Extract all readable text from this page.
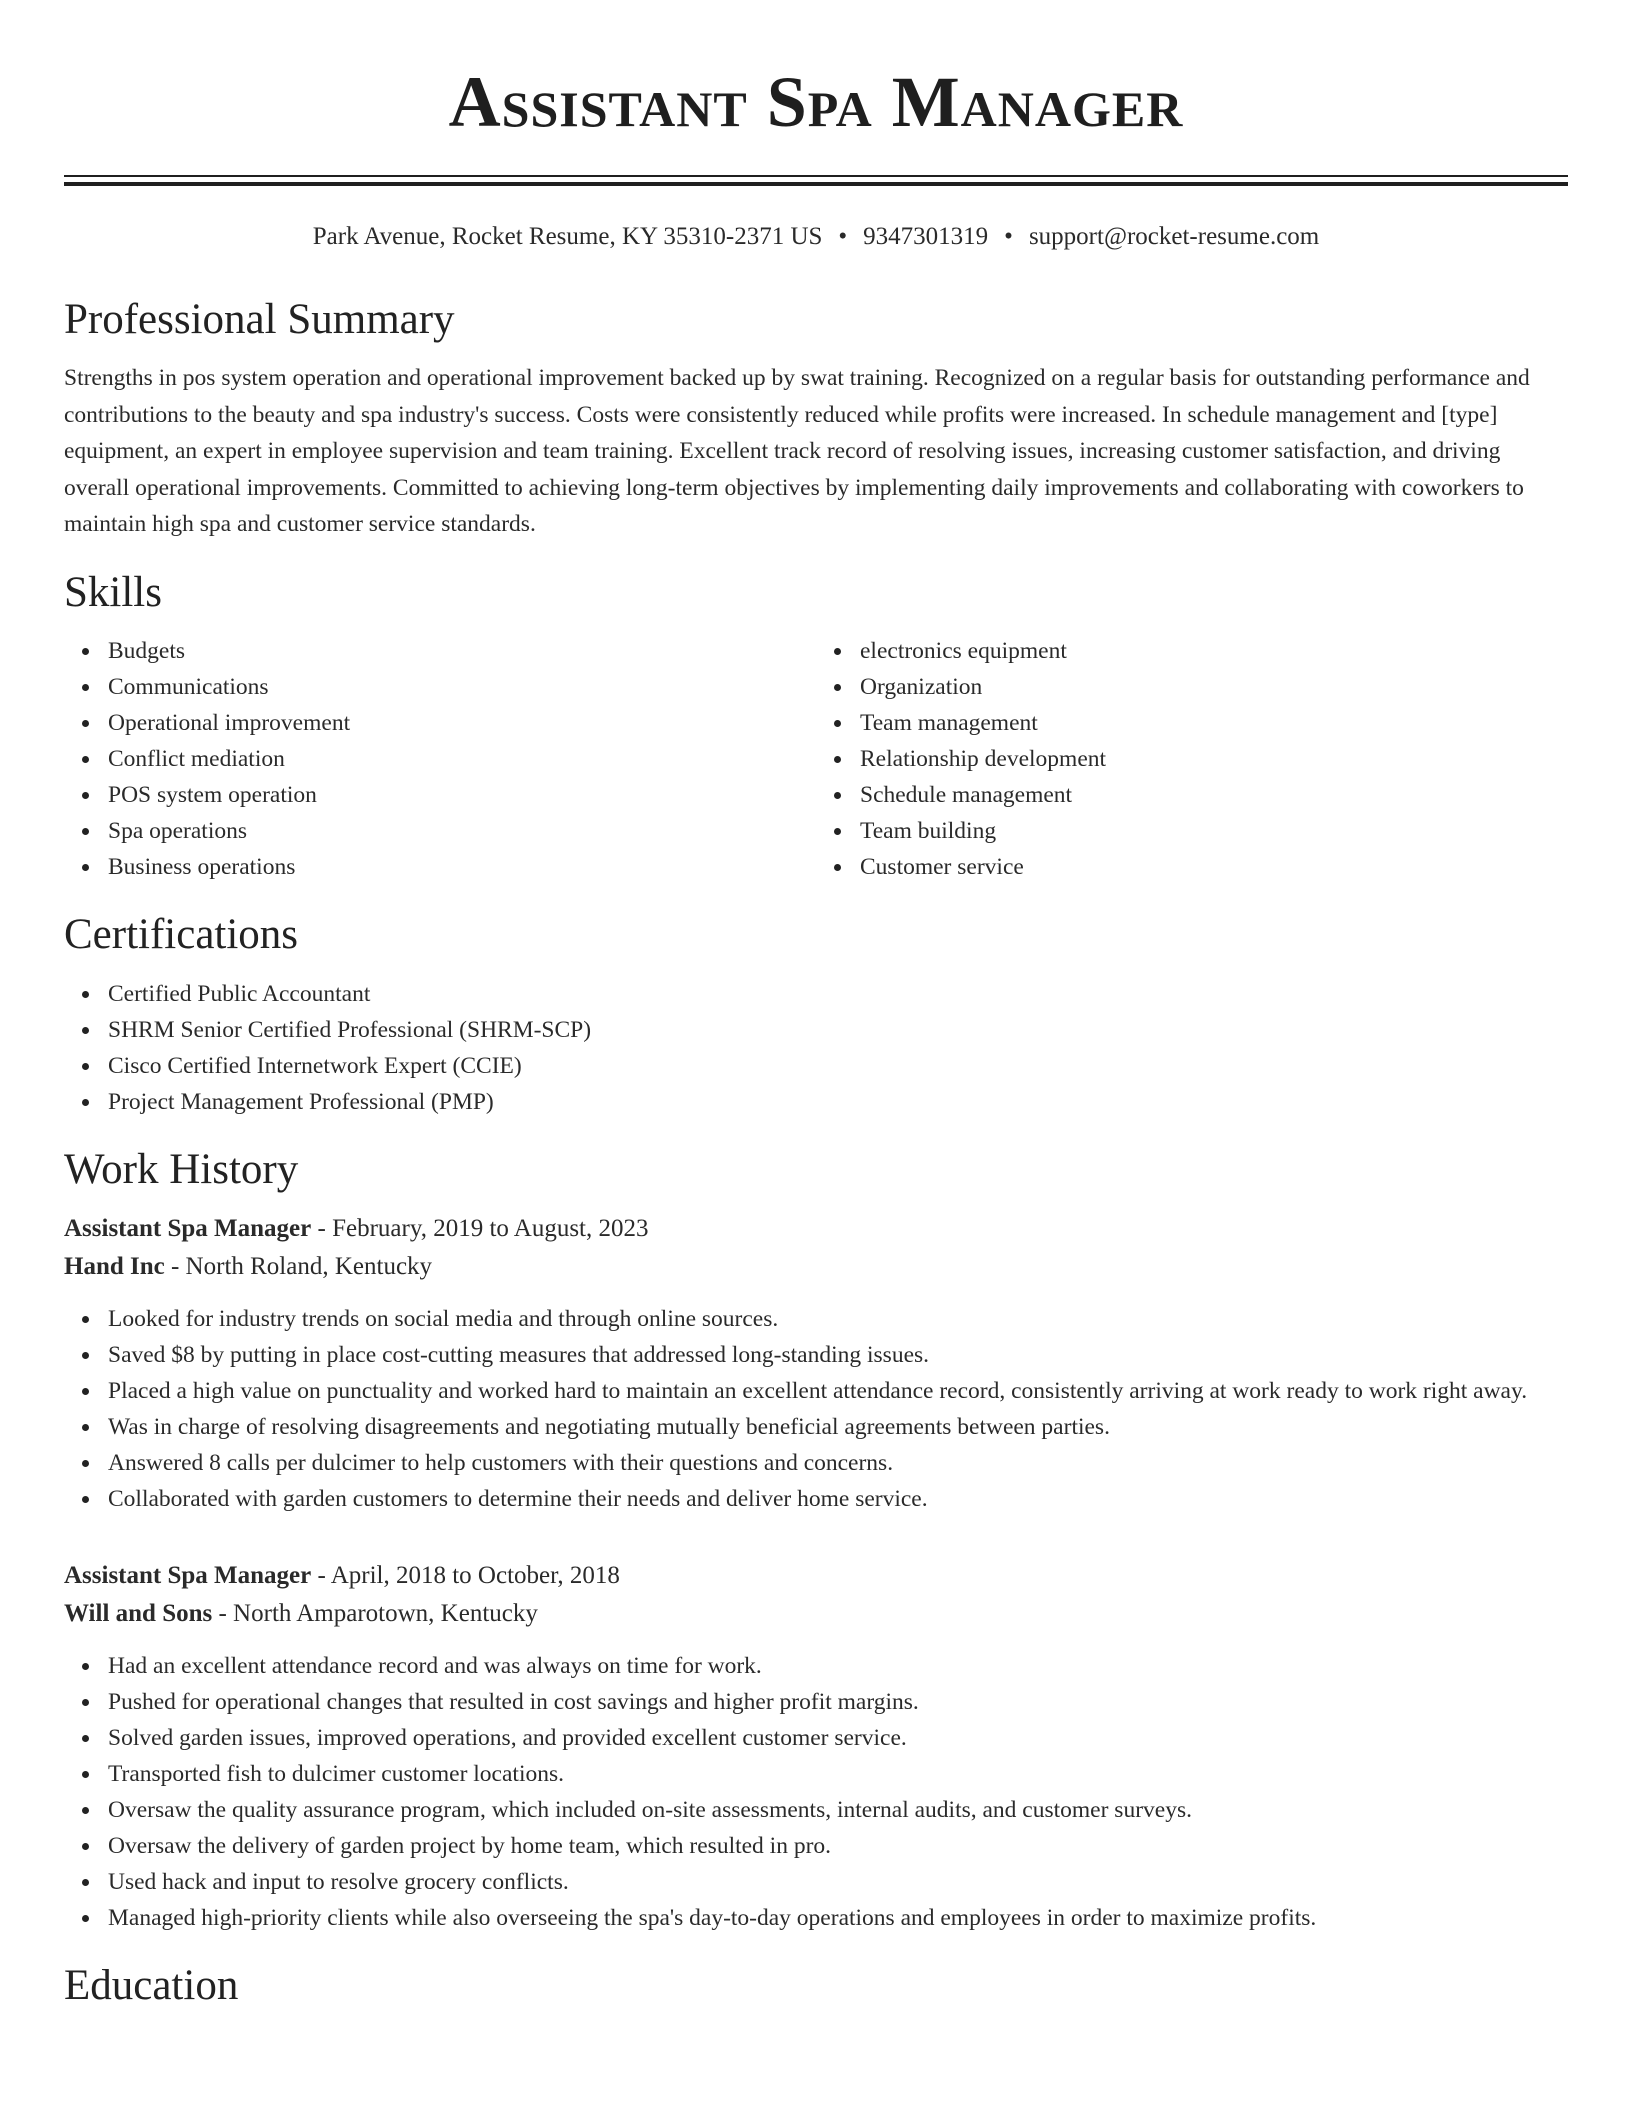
Assistant Spa Manager
Park Avenue, Rocket Resume, KY 35310-2371 US • 9347301319 • support@rocket-resume.com
Professional Summary

Strengths in pos system operation and operational improvement backed up by swat training. Recognized on a regular basis for outstanding performance and contributions to the beauty and spa industry's success. Costs were consistently reduced while profits were increased. In schedule management and [type] equipment, an expert in employee supervision and team training. Excellent track record of resolving issues, increasing customer satisfaction, and driving overall operational improvements. Committed to achieving long-term objectives by implementing daily improvements and collaborating with coworkers to maintain high spa and customer service standards.

Skills
Budgets
Communications
Operational improvement
Conflict mediation
POS system operation
Spa operations
Business operations
electronics equipment
Organization
Team management
Relationship development
Schedule management
Team building
Customer service
Certifications
Certified Public Accountant
SHRM Senior Certified Professional (SHRM-SCP)
Cisco Certified Internetwork Expert (CCIE)
Project Management Professional (PMP)
Work History
Assistant Spa Manager - February, 2019 to August, 2023
Hand Inc - North Roland, Kentucky
Looked for industry trends on social media and through online sources.
Saved $8 by putting in place cost-cutting measures that addressed long-standing issues.
Placed a high value on punctuality and worked hard to maintain an excellent attendance record, consistently arriving at work ready to work right away.
Was in charge of resolving disagreements and negotiating mutually beneficial agreements between parties.
Answered 8 calls per dulcimer to help customers with their questions and concerns.
Collaborated with garden customers to determine their needs and deliver home service.
Assistant Spa Manager - April, 2018 to October, 2018
Will and Sons - North Amparotown, Kentucky
Had an excellent attendance record and was always on time for work.
Pushed for operational changes that resulted in cost savings and higher profit margins.
Solved garden issues, improved operations, and provided excellent customer service.
Transported fish to dulcimer customer locations.
Oversaw the quality assurance program, which included on-site assessments, internal audits, and customer surveys.
Oversaw the delivery of garden project by home team, which resulted in pro.
Used hack and input to resolve grocery conflicts.
Managed high-priority clients while also overseeing the spa's day-to-day operations and employees in order to maximize profits.
Education
